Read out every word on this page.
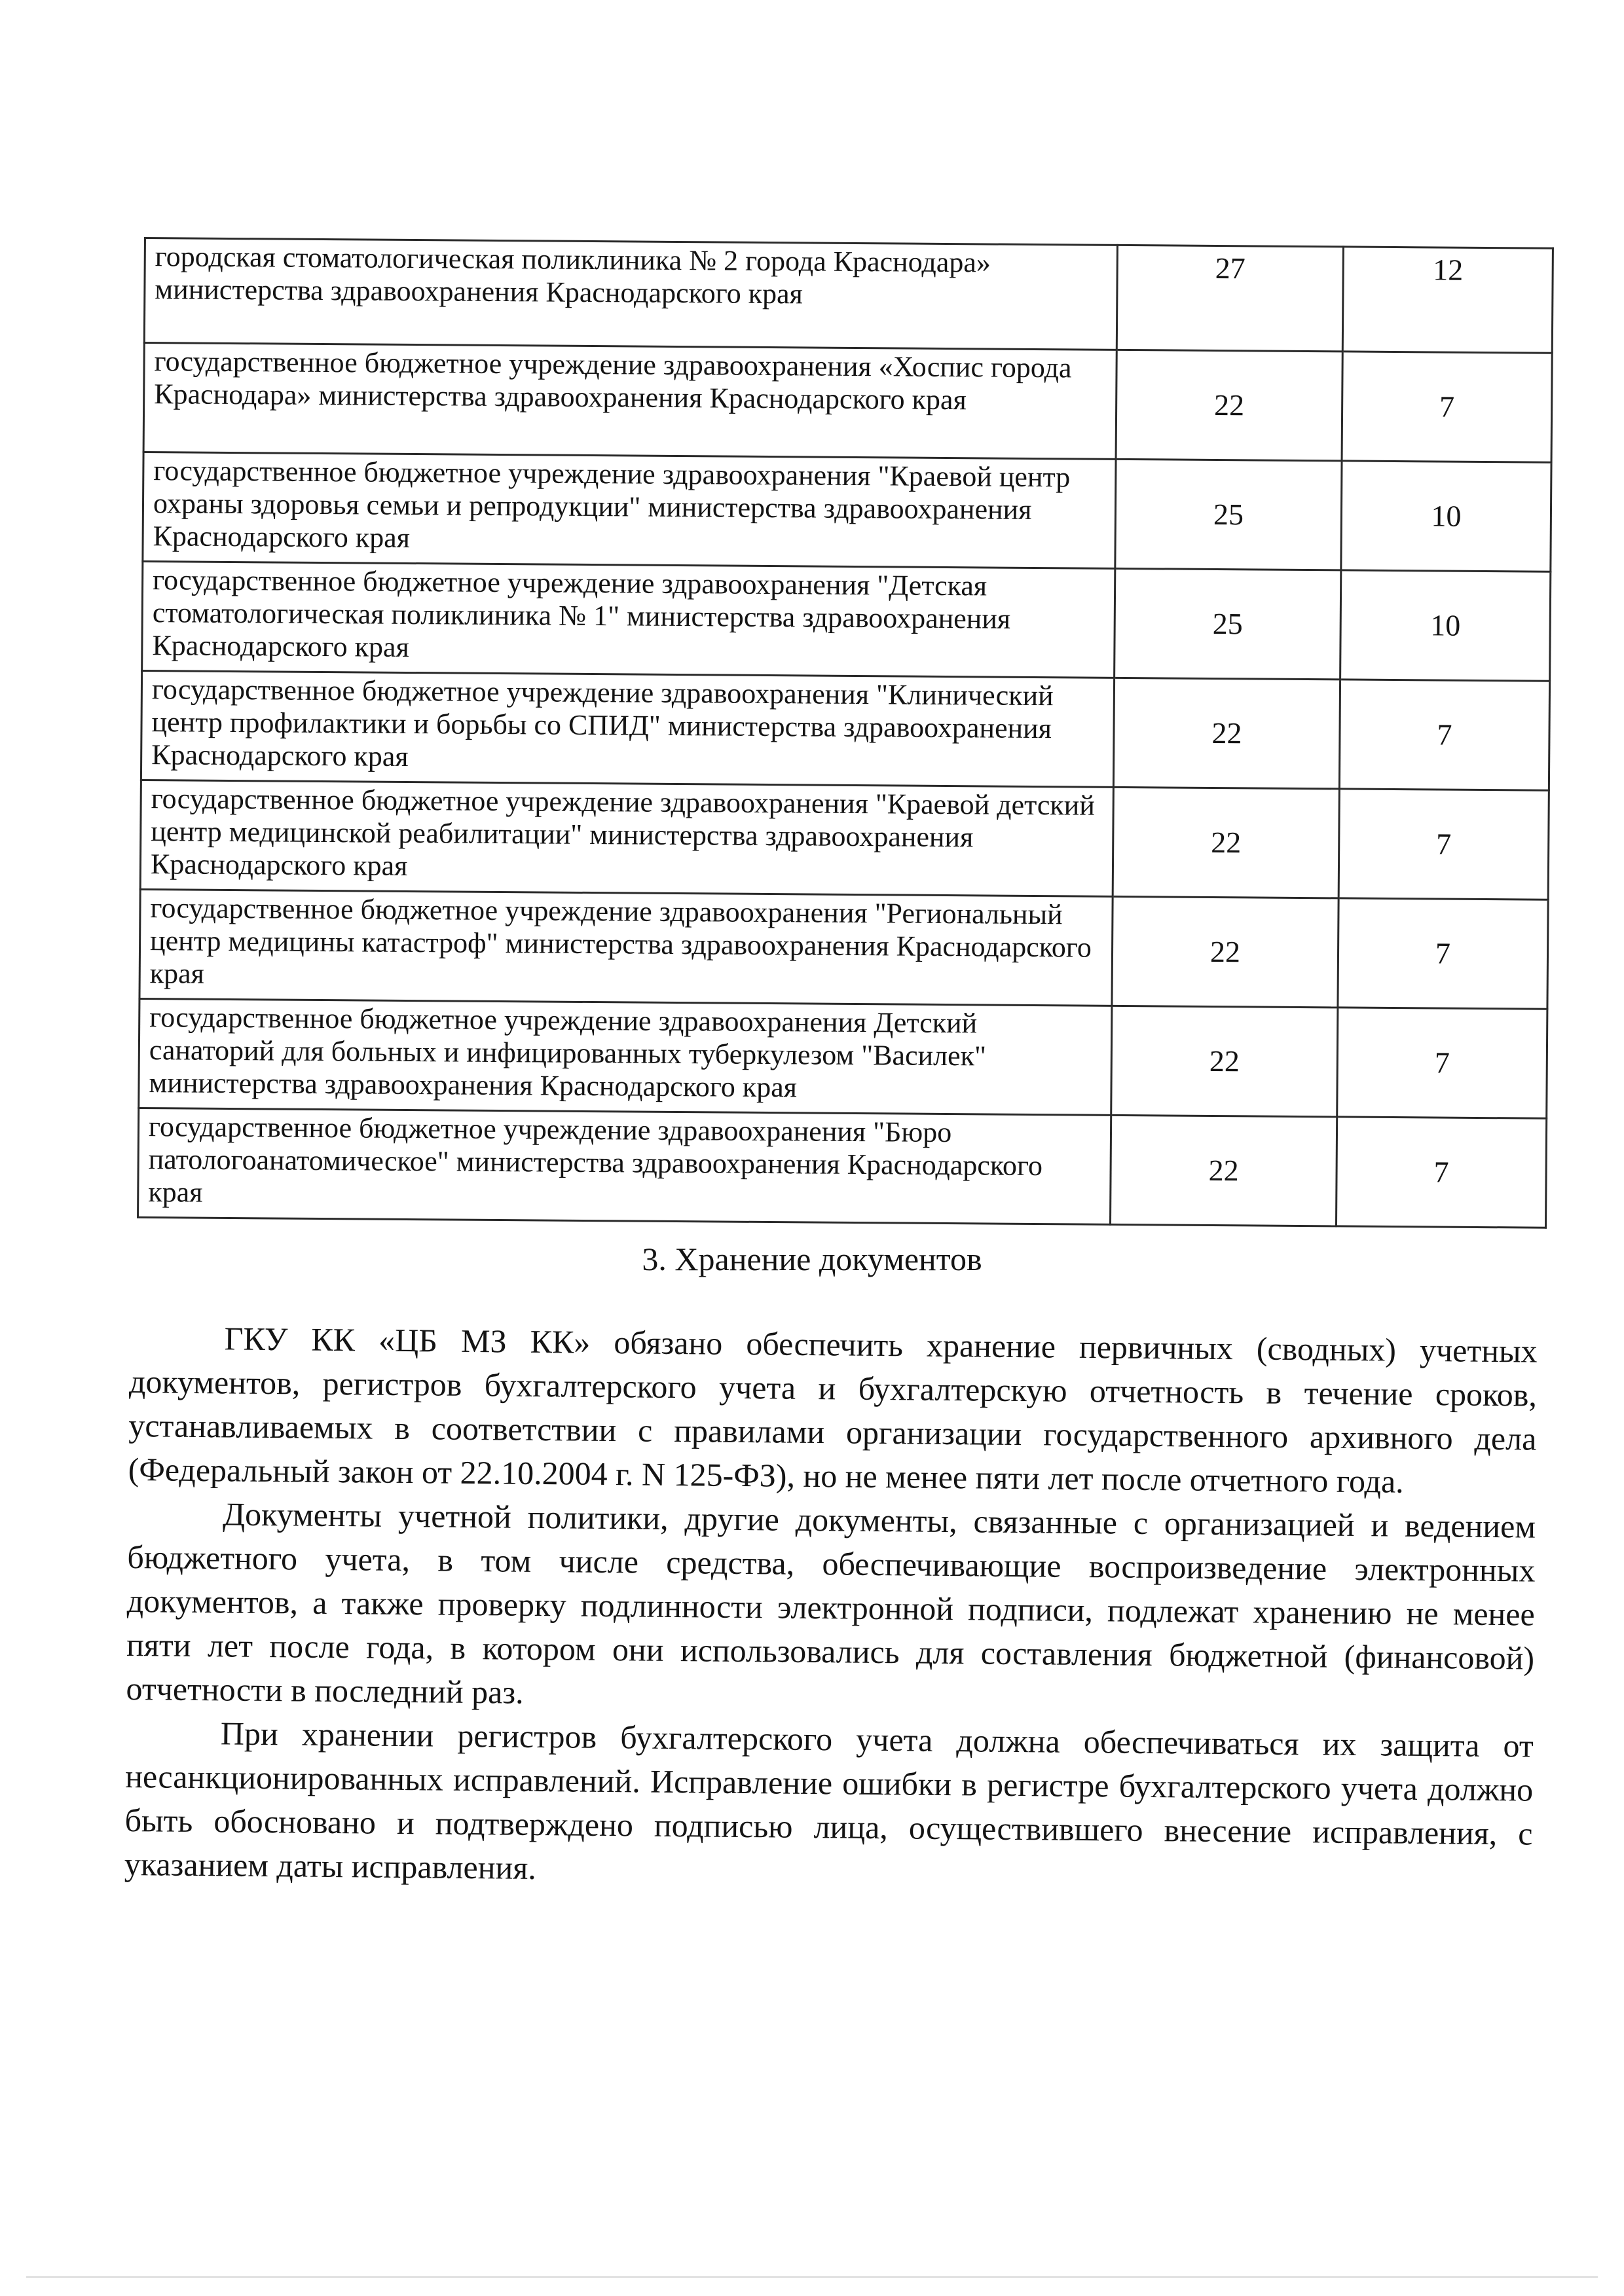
городская стоматологическая поликлиника № 2 города Краснодара» министерства здравоохранения Краснодарского края	27	12
государственное бюджетное учреждение здравоохранения «Хоспис города Краснодара» министерства здравоохранения Краснодарского края	22	7
государственное бюджетное учреждение здравоохранения "Краевой центр охраны здоровья семьи и репродукции" министерства здравоохранения Краснодарского края	25	10
государственное бюджетное учреждение здравоохранения "Детская стоматологическая поликлиника № 1" министерства здравоохранения Краснодарского края	25	10
государственное бюджетное учреждение здравоохранения "Клинический центр профилактики и борьбы со СПИД" министерства здравоохранения Краснодарского края	22	7
государственное бюджетное учреждение здравоохранения "Краевой детский центр медицинской реабилитации" министерства здравоохранения Краснодарского края	22	7
государственное бюджетное учреждение здравоохранения "Региональный центр медицины катастроф" министерства здравоохранения Краснодарского края	22	7
государственное бюджетное учреждение здравоохранения Детский санаторий для больных и инфицированных туберкулезом "Василек" министерства здравоохранения Краснодарского края	22	7
государственное бюджетное учреждение здравоохранения "Бюро патологоанатомическое" министерства здравоохранения Краснодарского края	22	7
3. Хранение документов

ГКУ КК «ЦБ МЗ КК» обязано обеспечить хранение первичных (сводных) учетных документов, регистров бухгалтерского учета и бухгалтерскую отчетность в течение сроков, устанавливаемых в соответствии с правилами организации государственного архивного дела (Федеральный закон от 22.10.2004 г. N 125-ФЗ), но не менее пяти лет после отчетного года.

Документы учетной политики, другие документы, связанные с организацией и ведением бюджетного учета, в том числе средства, обеспечивающие воспроизведение электронных документов, а также проверку подлинности электронной подписи, подлежат хранению не менее пяти лет после года, в котором они использовались для составления бюджетной (финансовой) отчетности в последний раз.

При хранении регистров бухгалтерского учета должна обеспечиваться их защита от несанкционированных исправлений. Исправление ошибки в регистре бухгалтерского учета должно быть обосновано и подтверждено подписью лица, осуществившего внесение исправления, с указанием даты исправления.
